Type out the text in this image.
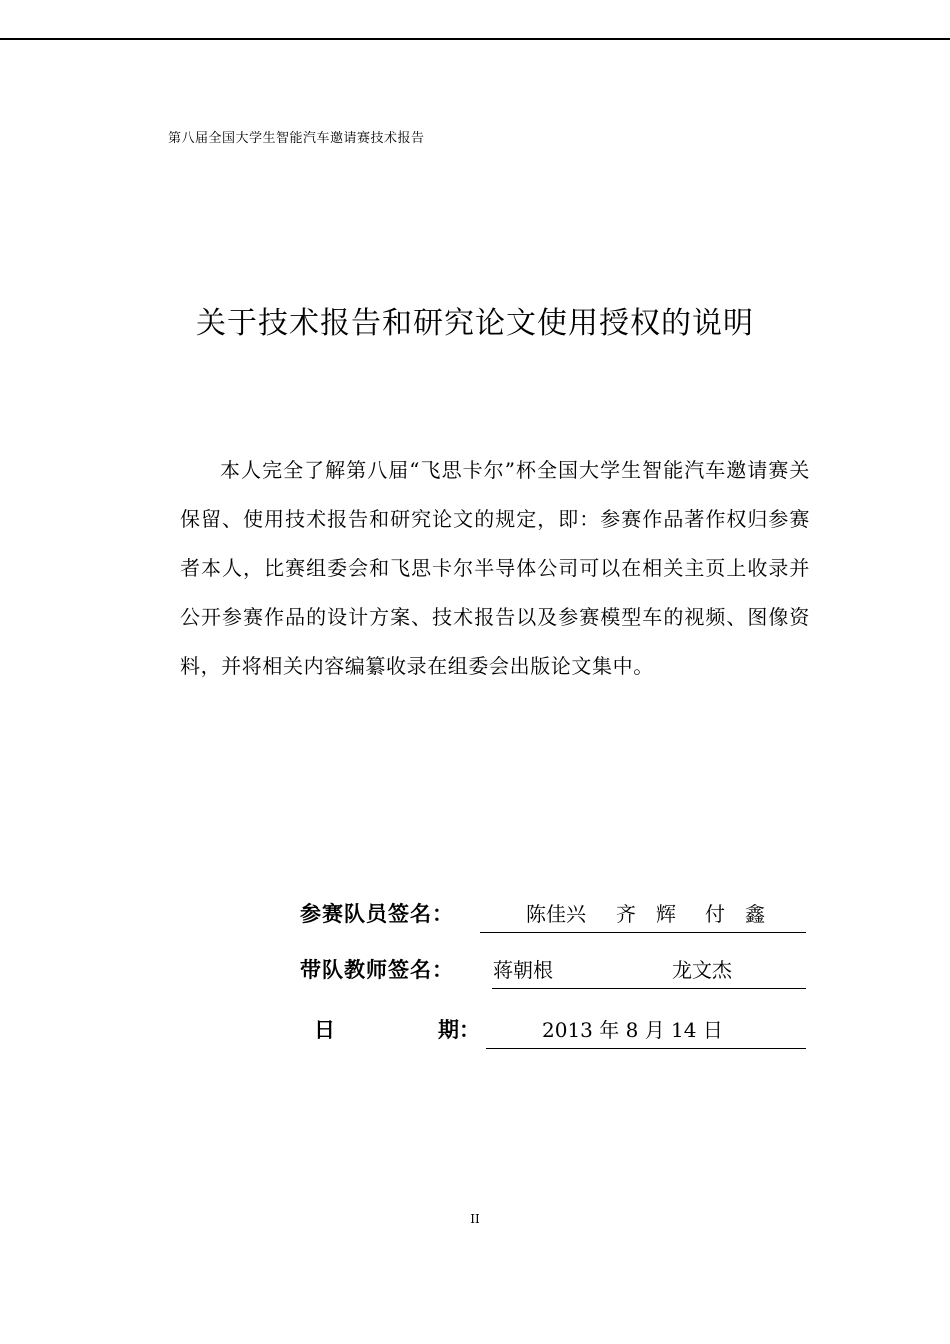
第八届全国大学生智能汽车邀请赛技术报告
关于技术报告和研究论文使用授权的说明
本人完全了解第八届“飞思卡尔”杯全国大学生智能汽车邀请赛关保留、使用技术报告和研究论文的规定，即：参赛作品著作权归参赛者本人，比赛组委会和飞思卡尔半导体公司可以在相关主页上收录并公开参赛作品的设计方案、技术报告以及参赛模型车的视频、图像资料，并将相关内容编纂收录在组委会出版论文集中。
参赛队员签名：	陈佳兴 齐　辉 付　鑫
带队教师签名： 蒋朝根	龙文杰
日	期：	2013 年 8 月 14 日
II
